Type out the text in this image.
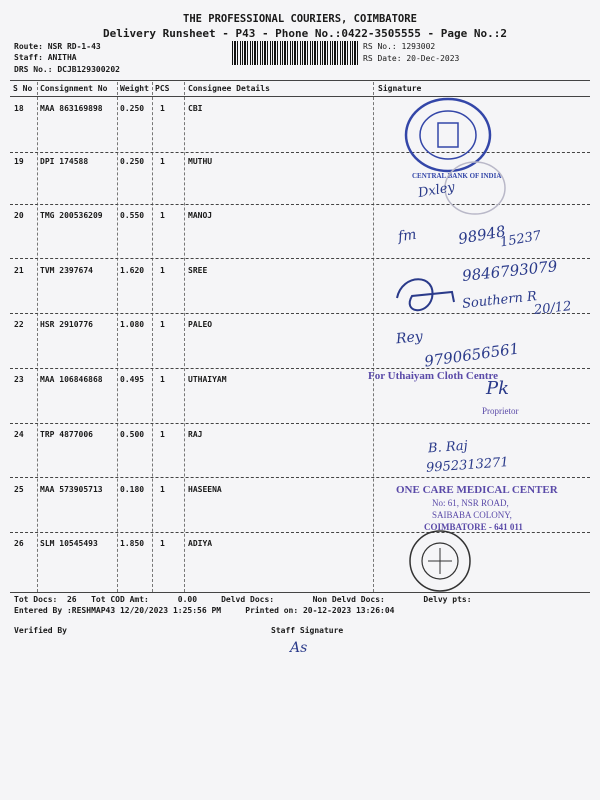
THE PROFESSIONAL COURIERS, COIMBATORE
Delivery Runsheet - P43 - Phone No.:0422-3505555 - Page No.:2
Route: NSR RD-1-43
Staff: ANITHA
DRS No.: DCJB129300202
RS No.: 1293002
RS Date: 20-Dec-2023
S No Consignment No Weight PCS Consignee Details	Signature
18 MAA 863169898 0.250 1	CBI
19 DPI 174588	0.250 1	MUTHU
20 TMG 200536209 0.550 1	MANOJ
21 TVM 2397674	1.620 1	SREE
22 HSR 2910776	1.080 1	PALEO
23 MAA 106846868 0.495 1	UTHAIYAM
24 TRP 4877006	0.500 1	RAJ
25 MAA 573905713 0.180 1	HASEENA
26 SLM 10545493	1.850 1	ADIYA
Tot Docs:  26   Tot COD Amt:      0.00     Delvd Docs:        Non Delvd Docs:        Delvy pts:
Entered By :RESHMAP43 12/20/2023 1:25:56 PM     Printed on: 20-12-2023 13:26:04
Verified By	Staff Signature
CENTRAL BANK OF INDIA
Dxley
fm	98948
15237
9846793079
Southern R
20/12
Rey
9790656561
For Uthaiyam Cloth Centre
Pk
Proprietor
B. Raj
9952313271
ONE CARE MEDICAL CENTER
No: 61, NSR ROAD,
SAIBABA COLONY,
COIMBATORE - 641 011
As
